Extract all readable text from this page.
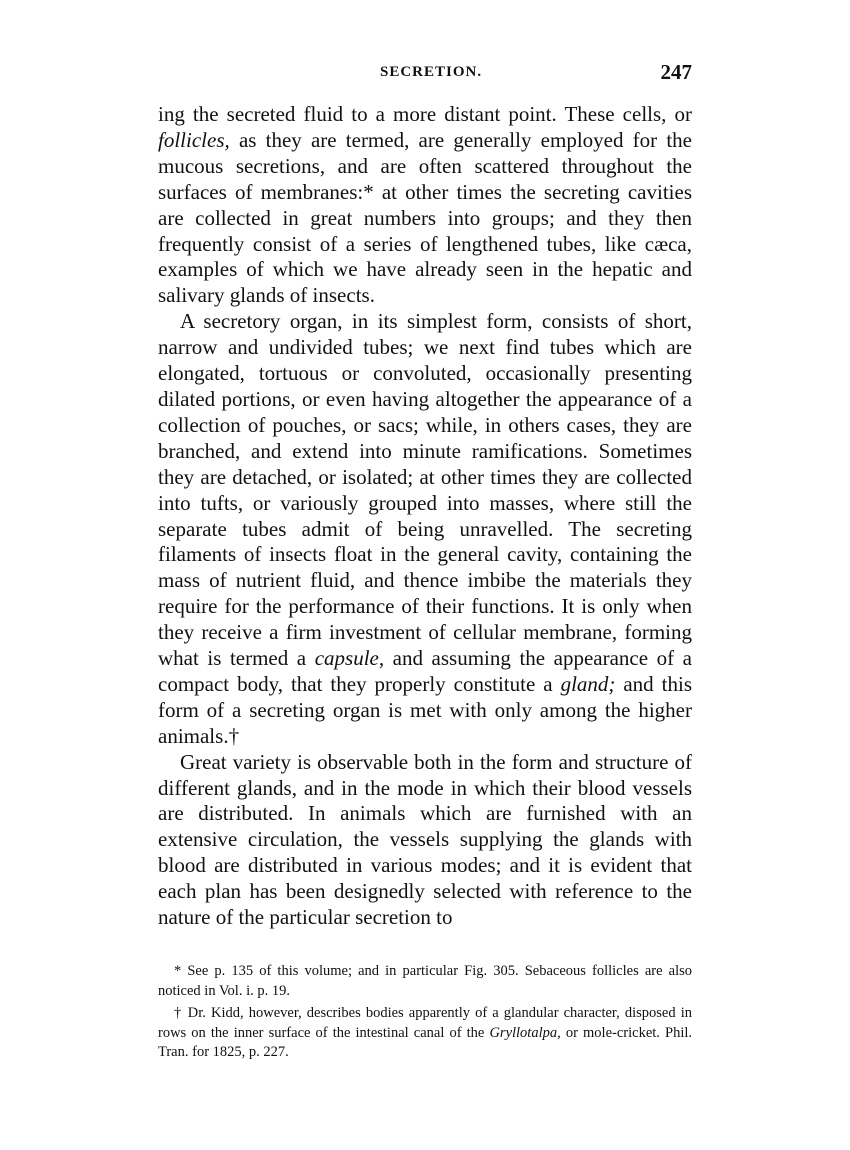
SECRETION.	247

ing the secreted fluid to a more distant point. These cells, or follicles, as they are termed, are generally employed for the mucous secretions, and are often scattered throughout the surfaces of membranes:* at other times the secreting cavities are collected in great numbers into groups; and they then frequently consist of a series of lengthened tubes, like cæca, examples of which we have already seen in the hepatic and salivary glands of insects.

A secretory organ, in its simplest form, consists of short, narrow and undivided tubes; we next find tubes which are elongated, tortuous or convoluted, occasionally presenting dilated portions, or even having altogether the appearance of a collection of pouches, or sacs; while, in others cases, they are branched, and extend into minute ramifications. Sometimes they are detached, or isolated; at other times they are collected into tufts, or variously grouped into masses, where still the separate tubes admit of being unravelled. The secreting filaments of insects float in the general cavity, containing the mass of nutrient fluid, and thence imbibe the materials they require for the performance of their functions. It is only when they receive a firm investment of cellular membrane, forming what is termed a capsule, and assuming the appearance of a compact body, that they properly constitute a gland; and this form of a secreting organ is met with only among the higher animals.†

Great variety is observable both in the form and structure of different glands, and in the mode in which their blood vessels are distributed. In animals which are furnished with an extensive circulation, the vessels supplying the glands with blood are distributed in various modes; and it is evident that each plan has been designedly selected with reference to the nature of the particular secretion to

* See p. 135 of this volume; and in particular Fig. 305. Sebaceous follicles are also noticed in Vol. i. p. 19.

† Dr. Kidd, however, describes bodies apparently of a glandular character, disposed in rows on the inner surface of the intestinal canal of the Gryllotalpa, or mole-cricket. Phil. Tran. for 1825, p. 227.
